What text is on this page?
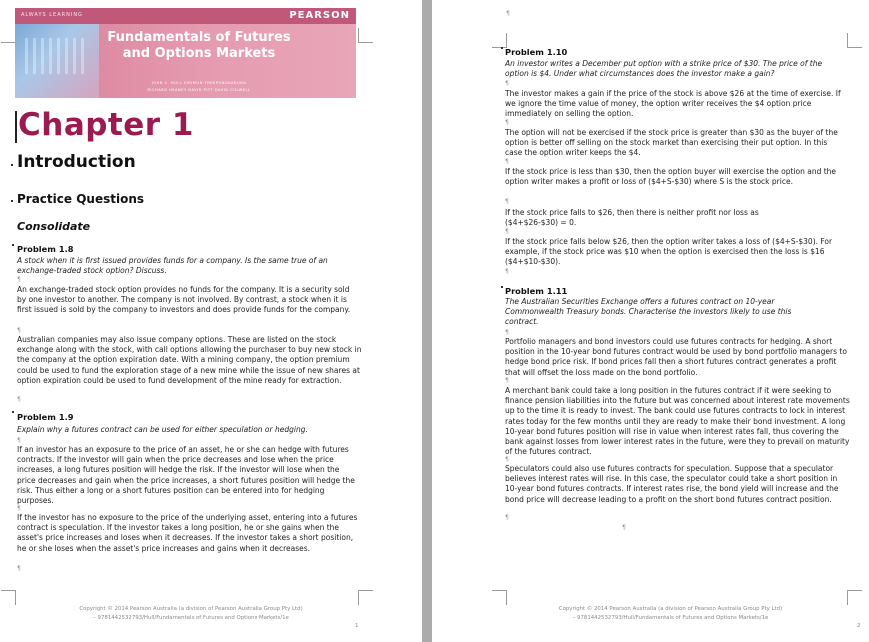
ALWAYS LEARNING	PEARSON
Fundamentals of Futures
and Options Markets
JOHN C. HULL SIRIMON TREEPONGKARUNA
RICHARD HEANEY DAVID PITT DAVID COLWELL
Chapter 1
Introduction
Practice Questions
Consolidate
Problem 1.8
A stock when it is first issued provides funds for a company. Is the same true of an exchange-traded stock option? Discuss.
¶
An exchange-traded stock option provides no funds for the company. It is a security sold by one investor to another. The company is not involved. By contrast, a stock when it is first issued is sold by the company to investors and does provide funds for the company.
¶
Australian companies may also issue company options. These are listed on the stock exchange along with the stock, with call options allowing the purchaser to buy new stock in the company at the option expiration date. With a mining company, the option premium could be used to fund the exploration stage of a new mine while the issue of new shares at option expiration could be used to fund development of the mine ready for extraction.
¶
Problem 1.9
Explain why a futures contract can be used for either speculation or hedging.
¶
If an investor has an exposure to the price of an asset, he or she can hedge with futures contracts. If the investor will gain when the price decreases and lose when the price increases, a long futures position will hedge the risk. If the investor will lose when the price decreases and gain when the price increases, a short futures position will hedge the risk. Thus either a long or a short futures position can be entered into for hedging purposes.
¶
If the investor has no exposure to the price of the underlying asset, entering into a futures contract is speculation. If the investor takes a long position, he or she gains when the asset's price increases and loses when it decreases. If the investor takes a short position, he or she loses when the asset's price increases and gains when it decreases.
¶
Copyright © 2014 Pearson Australia (a division of Pearson Australia Group Pty Ltd)
– 9781442532793/Hull/Fundamentals of Futures and Options Markets/1e
1
¶
Problem 1.10
An investor writes a December put option with a strike price of $30. The price of the option is $4. Under what circumstances does the investor make a gain?
¶
The investor makes a gain if the price of the stock is above $26 at the time of exercise. If we ignore the time value of money, the option writer receives the $4 option price immediately on selling the option.
¶
The option will not be exercised if the stock price is greater than $30 as the buyer of the option is better off selling on the stock market than exercising their put option. In this case the option writer keeps the $4.
¶
If the stock price is less than $30, then the option buyer will exercise the option and the option writer makes a profit or loss of ($4+S-$30) where S is the stock price.
¶
If the stock price falls to $26, then there is neither profit nor loss as
($4+$26-$30) = 0.
¶
If the stock price falls below $26, then the option writer takes a loss of ($4+S-$30). For example, if the stock price was $10 when the option is exercised then the loss is $16 ($4+$10-$30).
¶
Problem 1.11
The Australian Securities Exchange offers a futures contract on 10-year Commonwealth Treasury bonds. Characterise the investors likely to use this contract.
¶
Portfolio managers and bond investors could use futures contracts for hedging. A short position in the 10-year bond futures contract would be used by bond portfolio managers to hedge bond price risk. If bond prices fall then a short futures contract generates a profit that will offset the loss made on the bond portfolio.
¶
A merchant bank could take a long position in the futures contract if it were seeking to finance pension liabilities into the future but was concerned about interest rate movements up to the time it is ready to invest. The bank could use futures contracts to lock in interest rates today for the few months until they are ready to make their bond investment. A long 10-year bond futures position will rise in value when interest rates fall, thus covering the bank against losses from lower interest rates in the future, were they to prevail on maturity of the futures contract.
¶
Speculators could also use futures contracts for speculation. Suppose that a speculator believes interest rates will rise. In this case, the speculator could take a short position in 10-year bond futures contracts. If interest rates rise, the bond yield will increase and the bond price will decrease leading to a profit on the short bond futures contract position.
¶
¶
Copyright © 2014 Pearson Australia (a division of Pearson Australia Group Pty Ltd)
– 9781442532793/Hull/Fundamentals of Futures and Options Markets/1e
2
